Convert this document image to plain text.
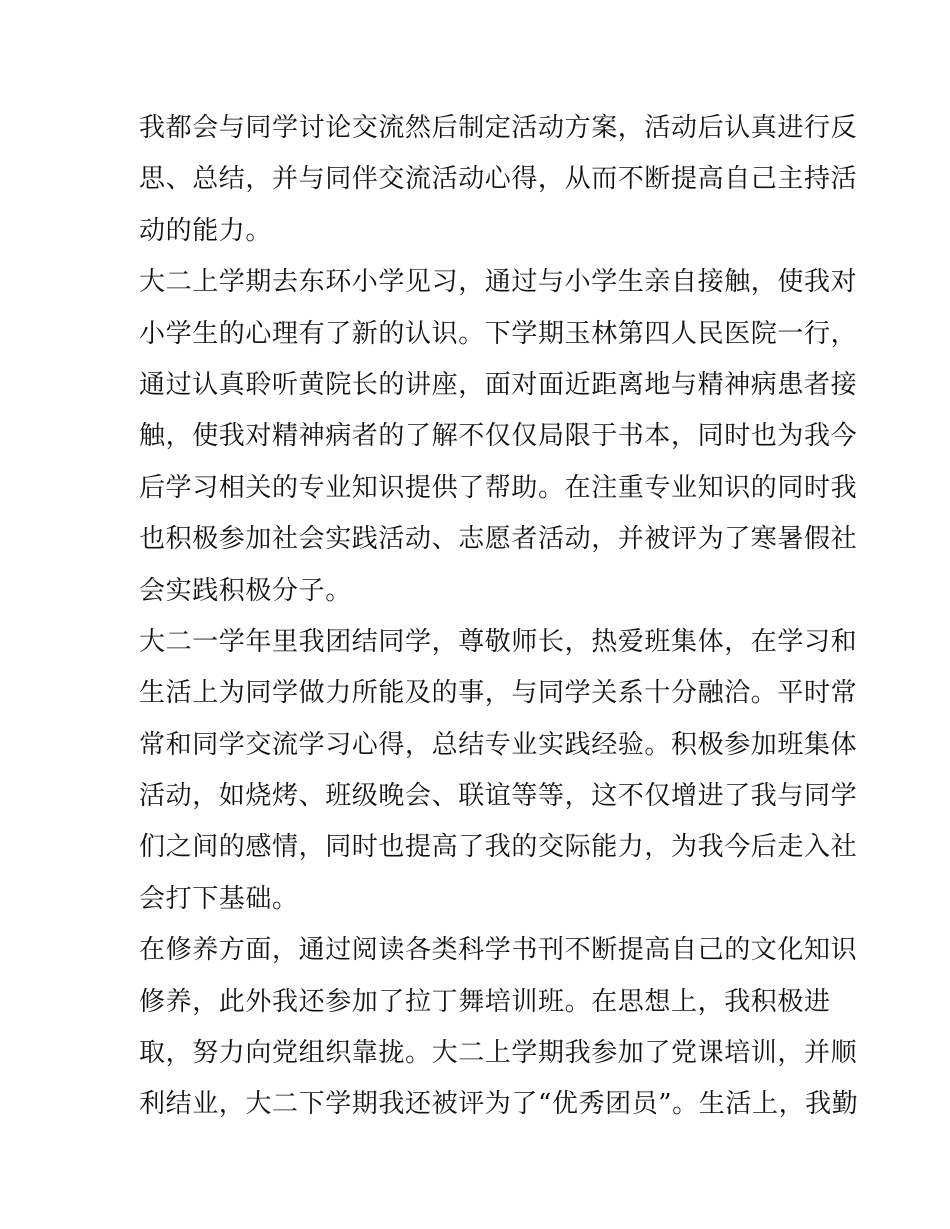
我都会与同学讨论交流然后制定活动方案，活动后认真进行反
思、总结，并与同伴交流活动心得，从而不断提高自己主持活
动的能力。
大二上学期去东环小学见习，通过与小学生亲自接触，使我对
小学生的心理有了新的认识。下学期玉林第四人民医院一行，
通过认真聆听黄院长的讲座，面对面近距离地与精神病患者接
触，使我对精神病者的了解不仅仅局限于书本，同时也为我今
后学习相关的专业知识提供了帮助。在注重专业知识的同时我
也积极参加社会实践活动、志愿者活动，并被评为了寒暑假社
会实践积极分子。
大二一学年里我团结同学，尊敬师长，热爱班集体，在学习和
生活上为同学做力所能及的事，与同学关系十分融洽。平时常
常和同学交流学习心得，总结专业实践经验。积极参加班集体
活动，如烧烤、班级晚会、联谊等等，这不仅增进了我与同学
们之间的感情，同时也提高了我的交际能力，为我今后走入社
会打下基础。
在修养方面，通过阅读各类科学书刊不断提高自己的文化知识
修养，此外我还参加了拉丁舞培训班。在思想上，我积极进
取，努力向党组织靠拢。大二上学期我参加了党课培训，并顺
利结业，大二下学期我还被评为了“优秀团员”。生活上，我勤
